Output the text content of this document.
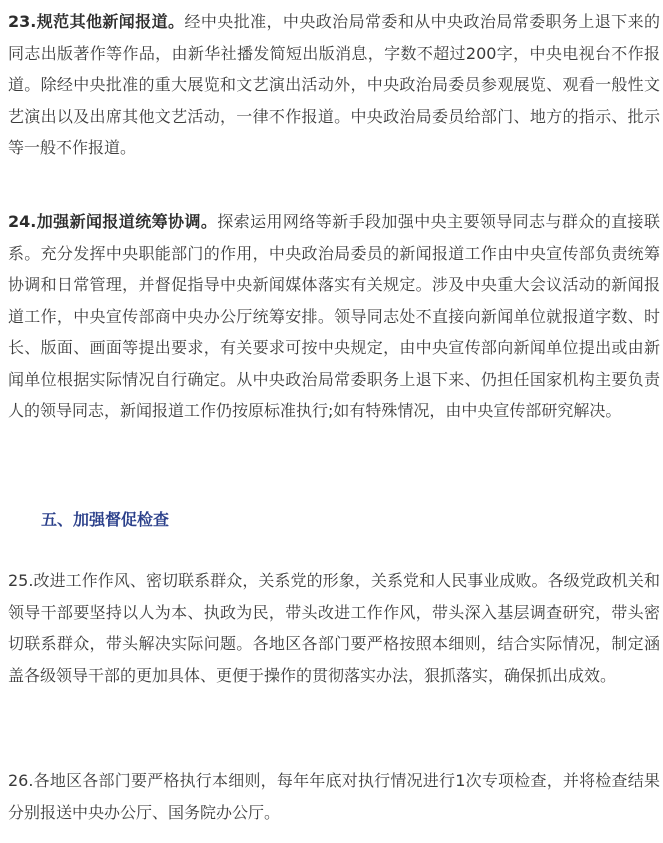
23.规范其他新闻报道。经中央批准，中央政治局常委和从中央政治局常委职务上退下来的同志出版著作等作品，由新华社播发简短出版消息，字数不超过200字，中央电视台不作报道。除经中央批准的重大展览和文艺演出活动外，中央政治局委员参观展览、观看一般性文艺演出以及出席其他文艺活动，一律不作报道。中央政治局委员给部门、地方的指示、批示等一般不作报道。

24.加强新闻报道统筹协调。探索运用网络等新手段加强中央主要领导同志与群众的直接联系。充分发挥中央职能部门的作用，中央政治局委员的新闻报道工作由中央宣传部负责统筹协调和日常管理，并督促指导中央新闻媒体落实有关规定。涉及中央重大会议活动的新闻报道工作，中央宣传部商中央办公厅统筹安排。领导同志处不直接向新闻单位就报道字数、时长、版面、画面等提出要求，有关要求可按中央规定，由中央宣传部向新闻单位提出或由新闻单位根据实际情况自行确定。从中央政治局常委职务上退下来、仍担任国家机构主要负责人的领导同志，新闻报道工作仍按原标准执行;如有特殊情况，由中央宣传部研究解决。

五、加强督促检查

25.改进工作作风、密切联系群众，关系党的形象，关系党和人民事业成败。各级党政机关和领导干部要坚持以人为本、执政为民，带头改进工作作风，带头深入基层调查研究，带头密切联系群众，带头解决实际问题。各地区各部门要严格按照本细则，结合实际情况，制定涵盖各级领导干部的更加具体、更便于操作的贯彻落实办法，狠抓落实，确保抓出成效。

26.各地区各部门要严格执行本细则，每年年底对执行情况进行1次专项检查，并将检查结果分别报送中央办公厅、国务院办公厅。
